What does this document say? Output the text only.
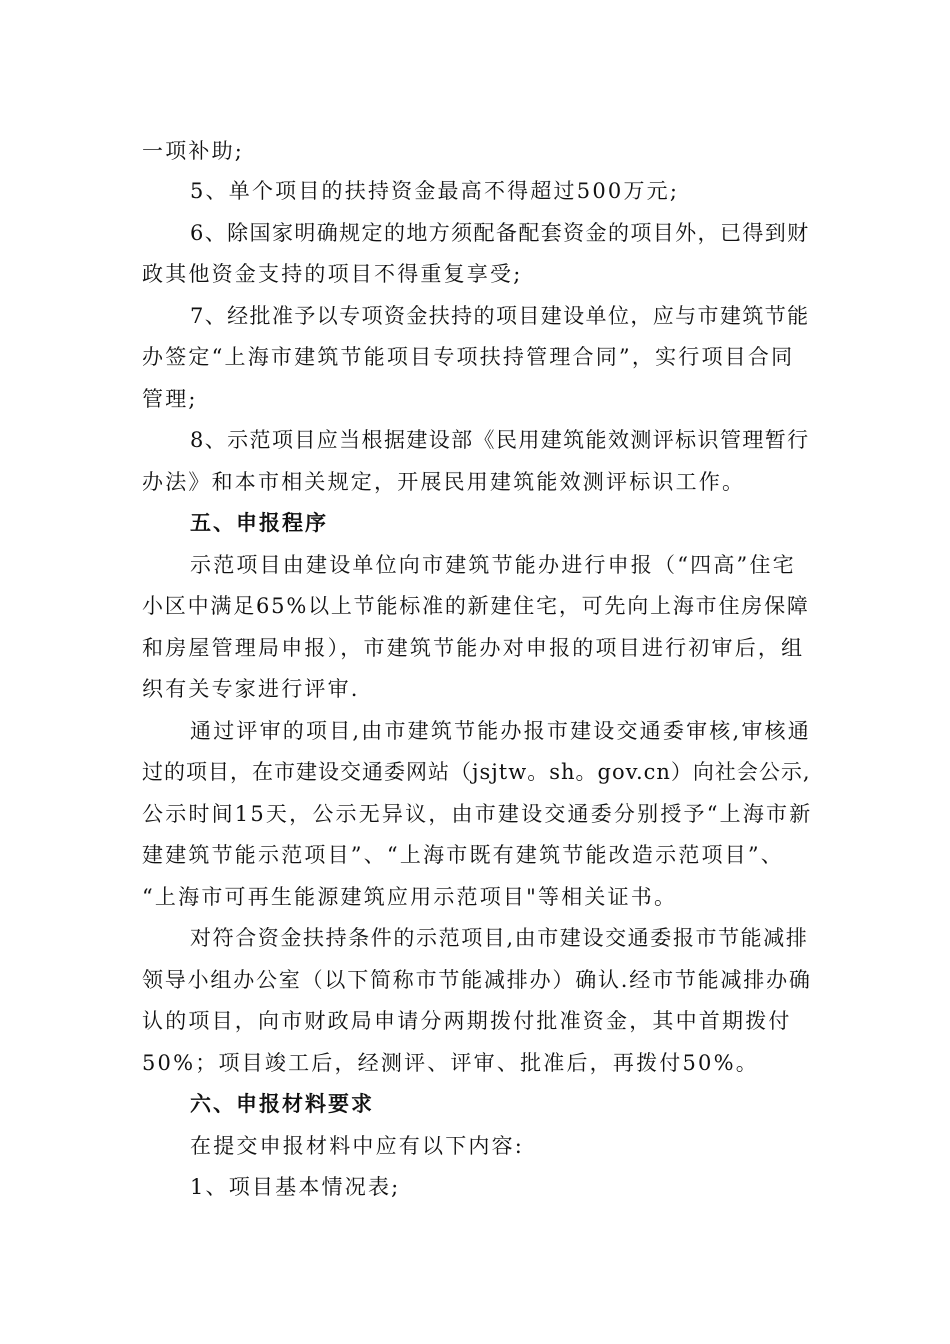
一项补助;
5、单个项目的扶持资金最高不得超过500万元;
6、除国家明确规定的地方须配备配套资金的项目外，已得到财
政其他资金支持的项目不得重复享受;
7、经批准予以专项资金扶持的项目建设单位，应与市建筑节能
办签定“上海市建筑节能项目专项扶持管理合同”，实行项目合同
管理;
8、示范项目应当根据建设部《民用建筑能效测评标识管理暂行
办法》和本市相关规定，开展民用建筑能效测评标识工作。
五、申报程序
示范项目由建设单位向市建筑节能办进行申报（“四高”住宅
小区中满足65%以上节能标准的新建住宅，可先向上海市住房保障
和房屋管理局申报），市建筑节能办对申报的项目进行初审后，组
织有关专家进行评审.
通过评审的项目,由市建筑节能办报市建设交通委审核,审核通
过的项目，在市建设交通委网站（jsjtw。sh。gov.cn）向社会公示,
公示时间15天，公示无异议，由市建设交通委分别授予“上海市新
建建筑节能示范项目”、“上海市既有建筑节能改造示范项目”、
“上海市可再生能源建筑应用示范项目"等相关证书。
对符合资金扶持条件的示范项目,由市建设交通委报市节能减排
领导小组办公室（以下简称市节能减排办）确认.经市节能减排办确
认的项目，向市财政局申请分两期拨付批准资金，其中首期拨付
50%；项目竣工后，经测评、评审、批准后，再拨付50%。
六、申报材料要求
在提交申报材料中应有以下内容:
1、项目基本情况表;
